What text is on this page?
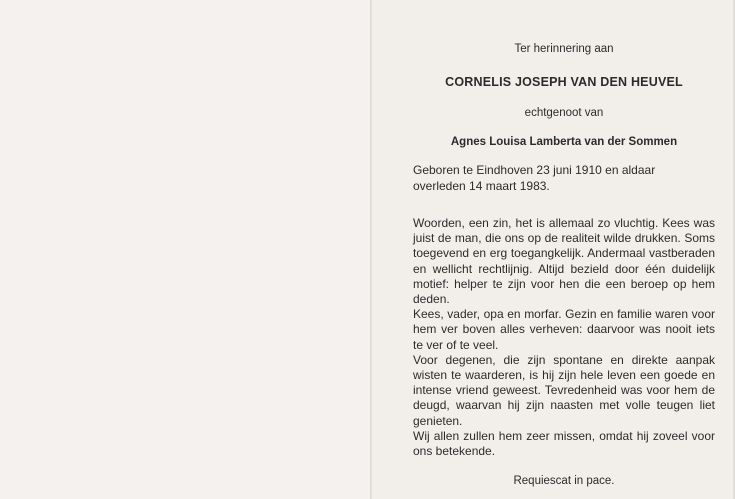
Ter herinnering aan
CORNELIS JOSEPH VAN DEN HEUVEL
echtgenoot van
Agnes Louisa Lamberta van der Sommen
Geboren te Eindhoven 23 juni 1910 en aldaar
overleden 14 maart 1983.

Woorden, een zin, het is allemaal zo vluchtig. Kees was juist de man, die ons op de realiteit wilde drukken. Soms toegevend en erg toegangkelijk. Andermaal vastberaden en wellicht rechtlijnig. Altijd bezield door één duidelijk motief: helper te zijn voor hen die een beroep op hem deden.

Kees, vader, opa en morfar. Gezin en familie waren voor hem ver boven alles verheven: daarvoor was nooit iets te ver of te veel.

Voor degenen, die zijn spontane en direkte aanpak wisten te waarderen, is hij zijn hele leven een goede en intense vriend geweest. Tevredenheid was voor hem de deugd, waarvan hij zijn naasten met volle teugen liet genieten.

Wij allen zullen hem zeer missen, omdat hij zoveel voor ons betekende.

Requiescat in pace.
